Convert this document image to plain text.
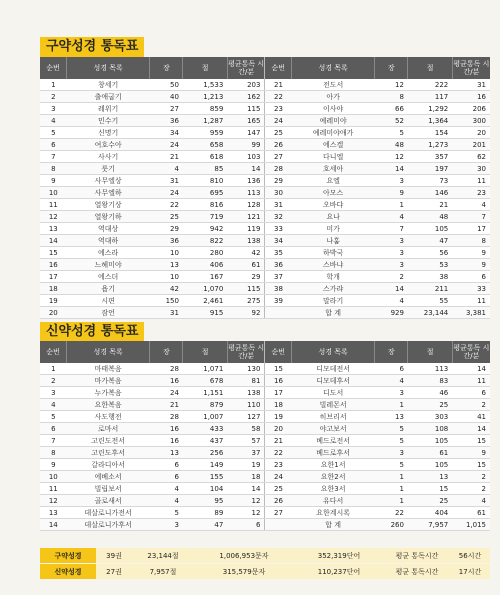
구약성경 통독표
순번	성경 목록	장	절	평균통독 시간/분	순번	성경 목록	장	절	평균통독 시간/분
1	창세기	50	1,533	203	21	전도서	12	222	31
2	출애굽기	40	1,213	162	22	아가	8	117	16
3	레위기	27	859	115	23	이사야	66	1,292	206
4	민수기	36	1,287	165	24	예레미야	52	1,364	300
5	신명기	34	959	147	25	예레미야애가	5	154	20
6	여호수아	24	658	99	26	에스겔	48	1,273	201
7	사사기	21	618	103	27	다니엘	12	357	62
8	룻기	4	85	14	28	호세아	14	197	30
9	사무엘상	31	810	136	29	요엘	3	73	11
10	사무엘하	24	695	113	30	아모스	9	146	23
11	열왕기상	22	816	128	31	오바댜	1	21	4
12	열왕기하	25	719	121	32	요나	4	48	7
13	역대상	29	942	119	33	미가	7	105	17
14	역대하	36	822	138	34	나훔	3	47	8
15	에스라	10	280	42	35	하박국	3	56	9
16	느헤미야	13	406	61	36	스바냐	3	53	9
17	에스더	10	167	29	37	학개	2	38	6
18	욥기	42	1,070	115	38	스가랴	14	211	33
19	시편	150	2,461	275	39	말라기	4	55	11
20	잠언	31	915	92		합 계	929	23,144	3,381
신약성경 통독표
순번	성경 목록	장	절	평균통독 시간/분	순번	성경 목록	장	절	평균통독 시간/분
1	마태복음	28	1,071	130	15	디모데전서	6	113	14
2	마가복음	16	678	81	16	디모데후서	4	83	11
3	누가복음	24	1,151	138	17	디도서	3	46	6
4	요한복음	21	879	110	18	빌레몬서	1	25	2
5	사도행전	28	1,007	127	19	히브리서	13	303	41
6	로마서	16	433	58	20	야고보서	5	108	14
7	고린도전서	16	437	57	21	베드로전서	5	105	15
8	고린도후서	13	256	37	22	베드로후서	3	61	9
9	갈라디아서	6	149	19	23	요한1서	5	105	15
10	에베소서	6	155	18	24	요한2서	1	13	2
11	빌립보서	4	104	14	25	요한3서	1	15	2
12	골로새서	4	95	12	26	유다서	1	25	4
13	데살로니가전서	5	89	12	27	요한계시록	22	404	61
14	데살로니가후서	3	47	6		합 계	260	7,957	1,015
구약성경	39권	23,144절	1,006,953문자	352,319단어	평균 통독시간	56시간
신약성경	27권	7,957절	315,579문자	110,237단어	평균 통독시간	17시간
